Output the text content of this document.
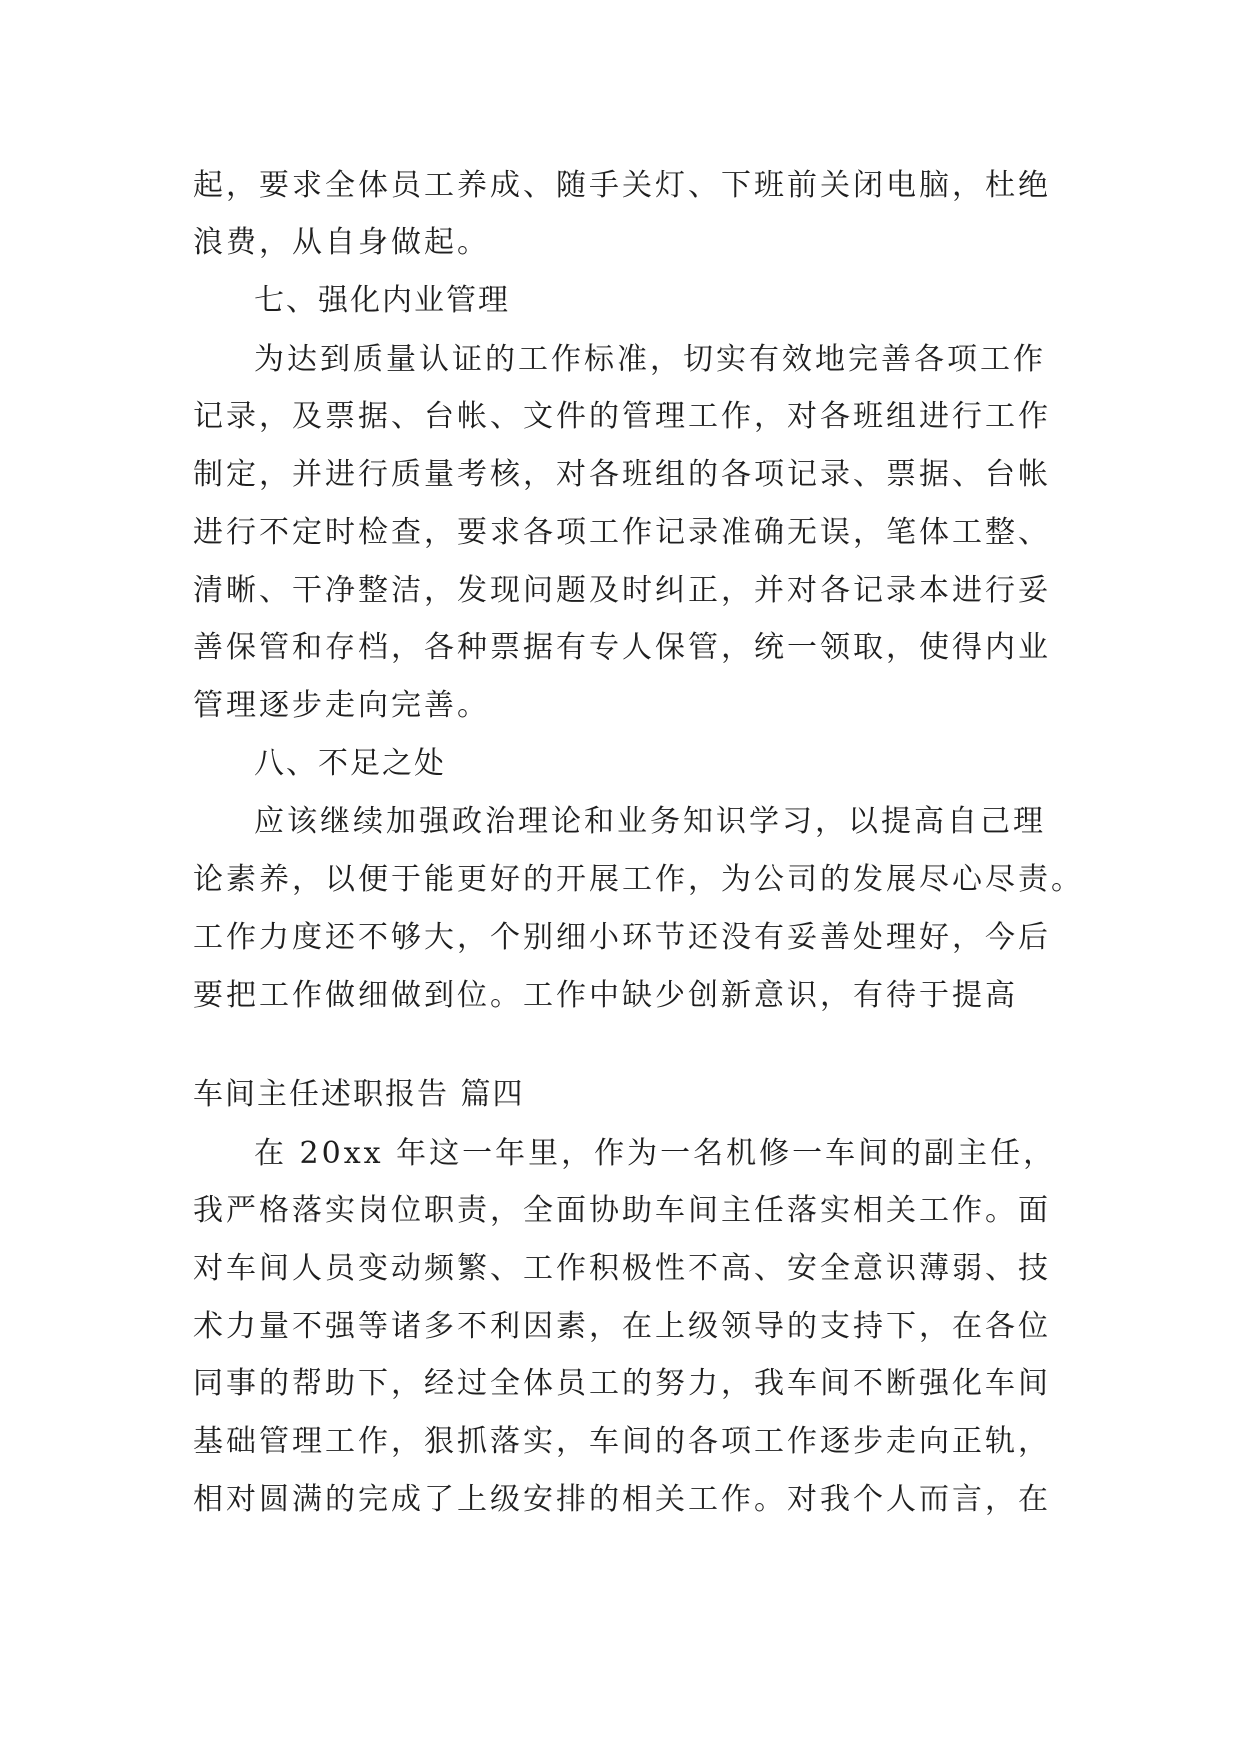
起，要求全体员工养成、随手关灯、下班前关闭电脑，杜绝
浪费，从自身做起。
七、强化内业管理
为达到质量认证的工作标准，切实有效地完善各项工作
记录，及票据、台帐、文件的管理工作，对各班组进行工作
制定，并进行质量考核，对各班组的各项记录、票据、台帐
进行不定时检查，要求各项工作记录准确无误，笔体工整、
清晰、干净整洁，发现问题及时纠正，并对各记录本进行妥
善保管和存档，各种票据有专人保管，统一领取，使得内业
管理逐步走向完善。
八、不足之处
应该继续加强政治理论和业务知识学习，以提高自己理
论素养，以便于能更好的开展工作，为公司的发展尽心尽责。
工作力度还不够大，个别细小环节还没有妥善处理好，今后
要把工作做细做到位。工作中缺少创新意识，有待于提高
车间主任述职报告 篇四
在 20xx 年这一年里，作为一名机修一车间的副主任，
我严格落实岗位职责，全面协助车间主任落实相关工作。面
对车间人员变动频繁、工作积极性不高、安全意识薄弱、技
术力量不强等诸多不利因素，在上级领导的支持下，在各位
同事的帮助下，经过全体员工的努力，我车间不断强化车间
基础管理工作，狠抓落实，车间的各项工作逐步走向正轨，
相对圆满的完成了上级安排的相关工作。对我个人而言，在
